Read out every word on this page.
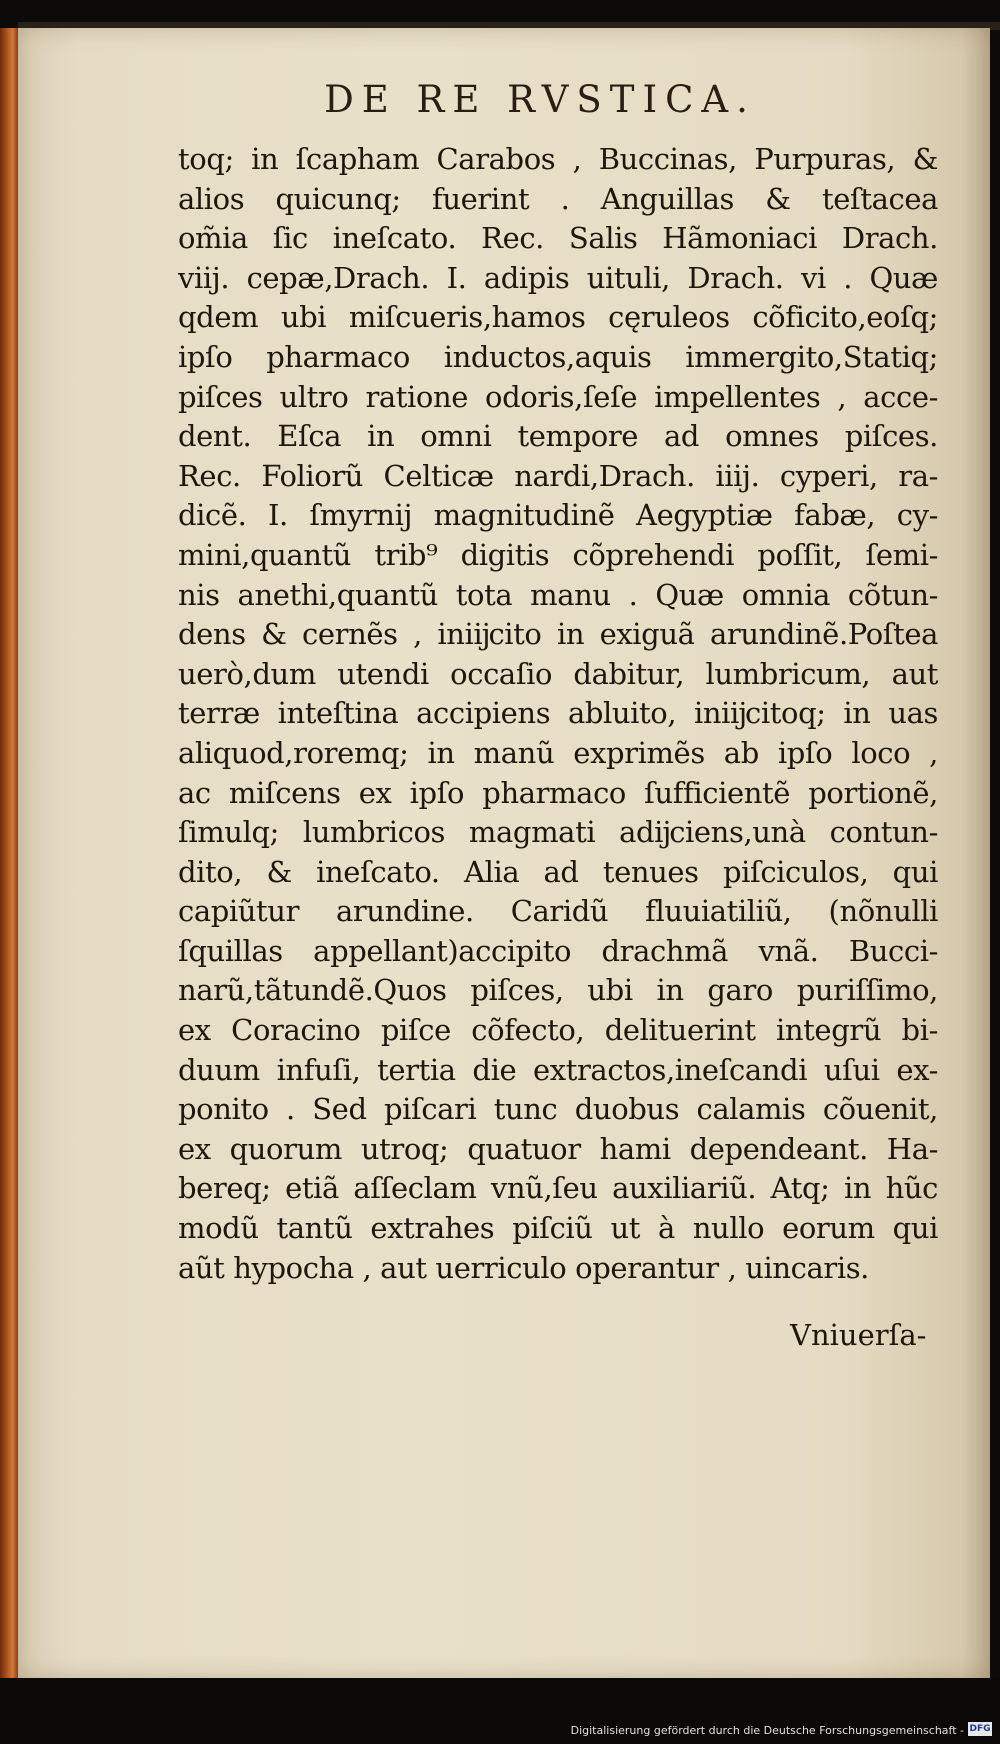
DE RE RVSTICA.
toq; in ſcapham Carabos , Buccinas, Purpuras, &
alios quicunq; fuerint . Anguillas & teſtacea
om̃ia ſic ineſcato. Rec. Salis Hãmoniaci Drach.
viij. cepæ,Drach. I. adipis uituli, Drach. vi . Quæ
qdem ubi miſcueris,hamos cęruleos cõficito,eoſq;
ipſo pharmaco inductos,aquis immergito,Statiq;
piſces ultro ratione odoris,ſeſe impellentes , acce-
dent. Eſca in omni tempore ad omnes piſces.
Rec. Foliorũ Celticæ nardi,Drach. iiij. cyperi, ra-
dicẽ. I. ſmyrnij magnitudinẽ Aegyptiæ fabæ, cy-
mini,quantũ trib⁹ digitis cõprehendi poſſit, ſemi-
nis anethi,quantũ tota manu . Quæ omnia cõtun-
dens & cernẽs , iniĳcito in exiguã arundinẽ.Poſtea
uerò,dum utendi occaſio dabitur, lumbricum, aut
terræ inteſtina accipiens abluito, iniĳcitoq; in uas
aliquod,roremq; in manũ exprimẽs ab ipſo loco ,
ac miſcens ex ipſo pharmaco ſufficientẽ portionẽ,
ſimulq; lumbricos magmati adĳciens,unà contun-
dito, & ineſcato. Alia ad tenues piſciculos, qui
capiũtur arundine. Caridũ fluuiatiliũ, (nõnulli
ſquillas appellant)accipito drachmã vnã. Bucci-
narũ,tãtundẽ.Quos piſces, ubi in garo puriſſimo,
ex Coracino piſce cõfecto, delituerint integrũ bi-
duum infuſi, tertia die extractos,ineſcandi uſui ex-
ponito . Sed piſcari tunc duobus calamis cõuenit,
ex quorum utroq; quatuor hami dependeant. Ha-
bereq; etiã aſſeclam vnũ,ſeu auxiliariũ. Atq; in hũc
modũ tantũ extrahes piſciũ ut à nullo eorum qui
aũt hypocha , aut uerriculo operantur , uincaris.
Vniuerſa-
Digitalisierung gefördert durch die Deutsche Forschungsgemeinschaft - DFG
